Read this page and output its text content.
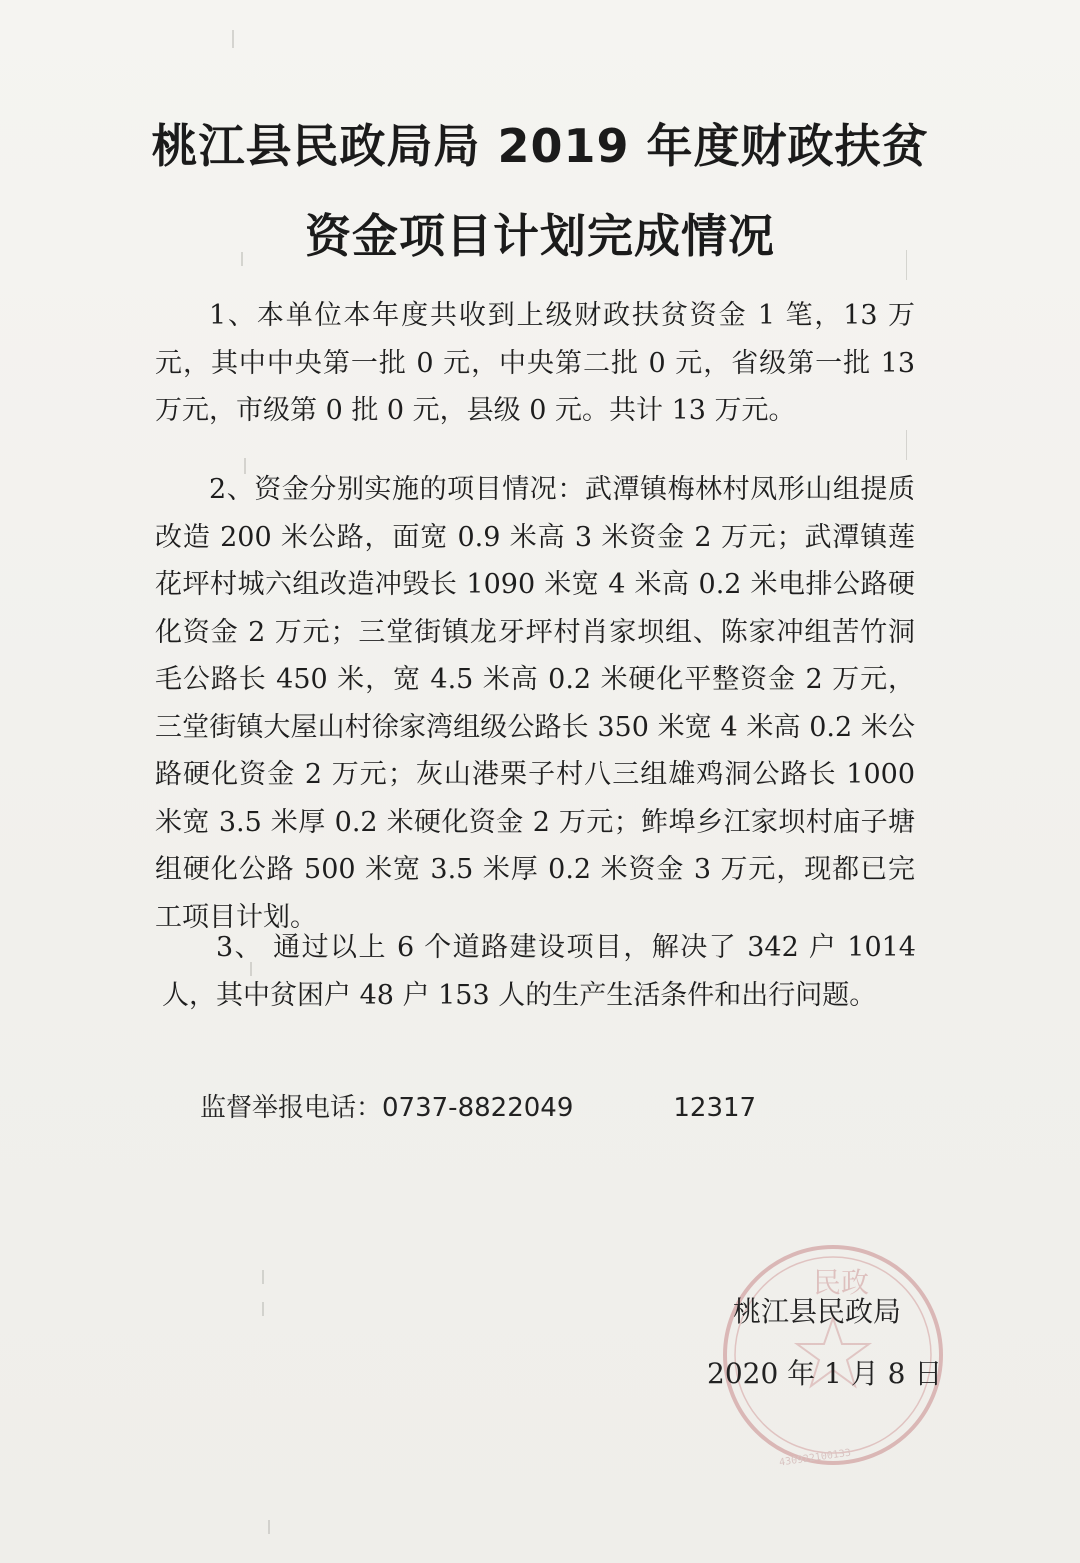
桃江县民政局局 2019 年度财政扶贫
资金项目计划完成情况

1、本单位本年度共收到上级财政扶贫资金 1 笔，13 万元，其中中央第一批 0 元，中央第二批 0 元，省级第一批 13 万元，市级第 0 批 0 元，县级 0 元。共计 13 万元。

2、资金分别实施的项目情况：武潭镇梅林村凤形山组提质改造 200 米公路，面宽 0.9 米高 3 米资金 2 万元；武潭镇莲花坪村城六组改造冲毁长 1090 米宽 4 米高 0.2 米电排公路硬化资金 2 万元；三堂街镇龙牙坪村肖家坝组、陈家冲组苦竹洞毛公路长 450 米，宽 4.5 米高 0.2 米硬化平整资金 2 万元，三堂街镇大屋山村徐家湾组级公路长 350 米宽 4 米高 0.2 米公路硬化资金 2 万元；灰山港栗子村八三组雄鸡洞公路长 1000 米宽 3.5 米厚 0.2 米硬化资金 2 万元；鲊埠乡江家坝村庙子塘组硬化公路 500 米宽 3.5 米厚 0.2 米资金 3 万元，现都已完工项目计划。

3、 通过以上 6 个道路建设项目，解决了 342 户 1014 人，其中贫困户 48 户 153 人的生产生活条件和出行问题。

监督举报电话：0737-8822049	12317
民政
430922100133
桃江县民政局
2020 年 1 月 8 日
